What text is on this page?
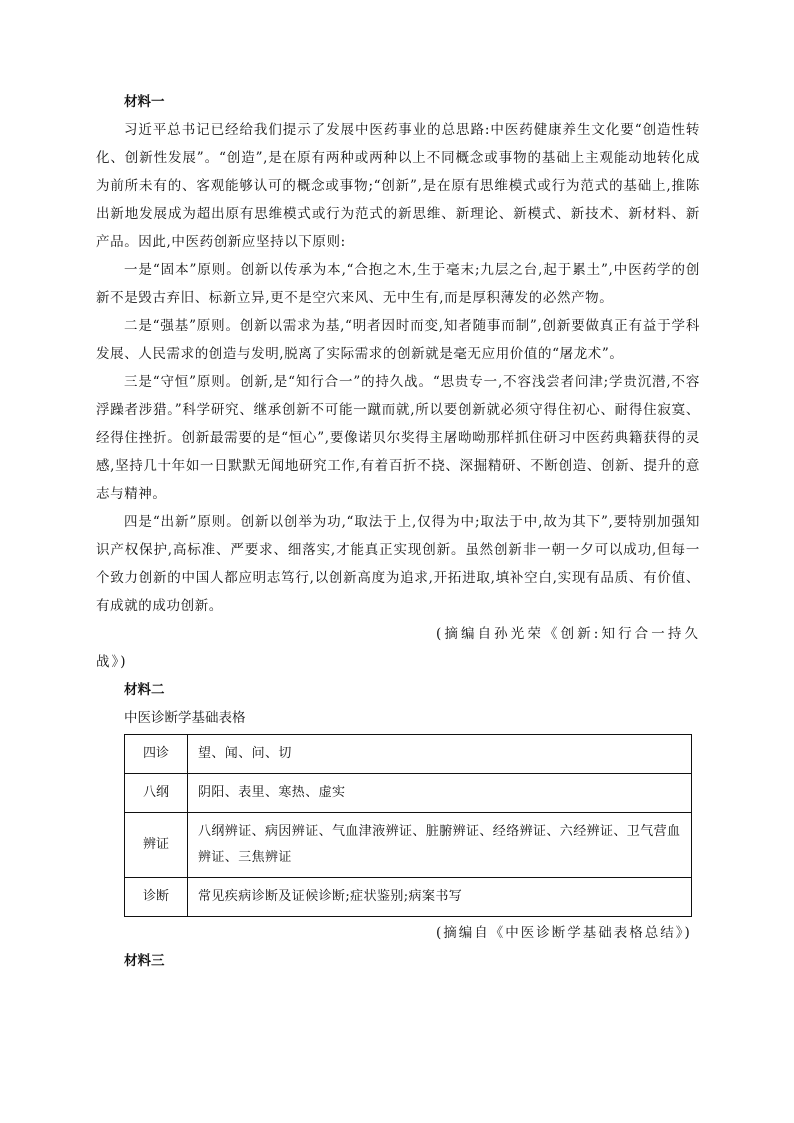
材料一

习近平总书记已经给我们提示了发展中医药事业的总思路:中医药健康养生文化要“创造性转化、创新性发展”。“创造”,是在原有两种或两种以上不同概念或事物的基础上主观能动地转化成为前所未有的、客观能够认可的概念或事物;“创新”,是在原有思维模式或行为范式的基础上,推陈出新地发展成为超出原有思维模式或行为范式的新思维、新理论、新模式、新技术、新材料、新产品。因此,中医药创新应坚持以下原则:

一是“固本”原则。创新以传承为本,“合抱之木,生于毫末;九层之台,起于累土”,中医药学的创新不是毁古弃旧、标新立异,更不是空穴来风、无中生有,而是厚积薄发的必然产物。

二是“强基”原则。创新以需求为基,“明者因时而变,知者随事而制”,创新要做真正有益于学科发展、人民需求的创造与发明,脱离了实际需求的创新就是毫无应用价值的“屠龙术”。

三是“守恒”原则。创新,是“知行合一”的持久战。“思贵专一,不容浅尝者问津;学贵沉潜,不容浮躁者涉猎。”科学研究、继承创新不可能一蹴而就,所以要创新就必须守得住初心、耐得住寂寞、经得住挫折。创新最需要的是“恒心”,要像诺贝尔奖得主屠呦呦那样抓住研习中医药典籍获得的灵感,坚持几十年如一日默默无闻地研究工作,有着百折不挠、深掘精研、不断创造、创新、提升的意志与精神。

四是“出新”原则。创新以创举为功,“取法于上,仅得为中;取法于中,故为其下”,要特别加强知识产权保护,高标准、严要求、细落实,才能真正实现创新。虽然创新非一朝一夕可以成功,但每一个致力创新的中国人都应明志笃行,以创新高度为追求,开拓进取,填补空白,实现有品质、有价值、有成就的成功创新。

(摘编自孙光荣《创新:知行合一持久战》)

材料二

中医诊断学基础表格

四诊	望、闻、问、切
八纲	阴阳、表里、寒热、虚实
辨证	八纲辨证、病因辨证、气血津液辨证、脏腑辨证、经络辨证、六经辨证、卫气营血辨证、三焦辨证
诊断	常见疾病诊断及证候诊断;症状鉴别;病案书写

(摘编自《中医诊断学基础表格总结》)

材料三
